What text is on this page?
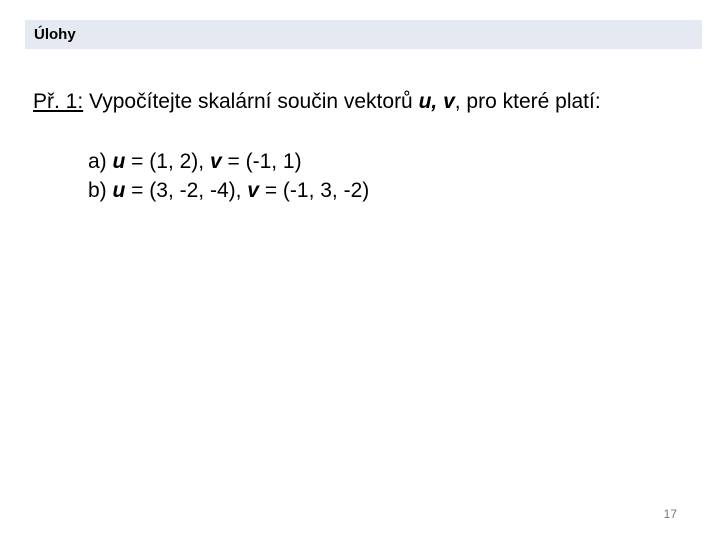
Úlohy
Př. 1: Vypočítejte skalární součin vektorů u, v, pro které platí:
a) u = (1, 2), v = (-1, 1)
b) u = (3, -2, -4), v = (-1, 3, -2)
17
